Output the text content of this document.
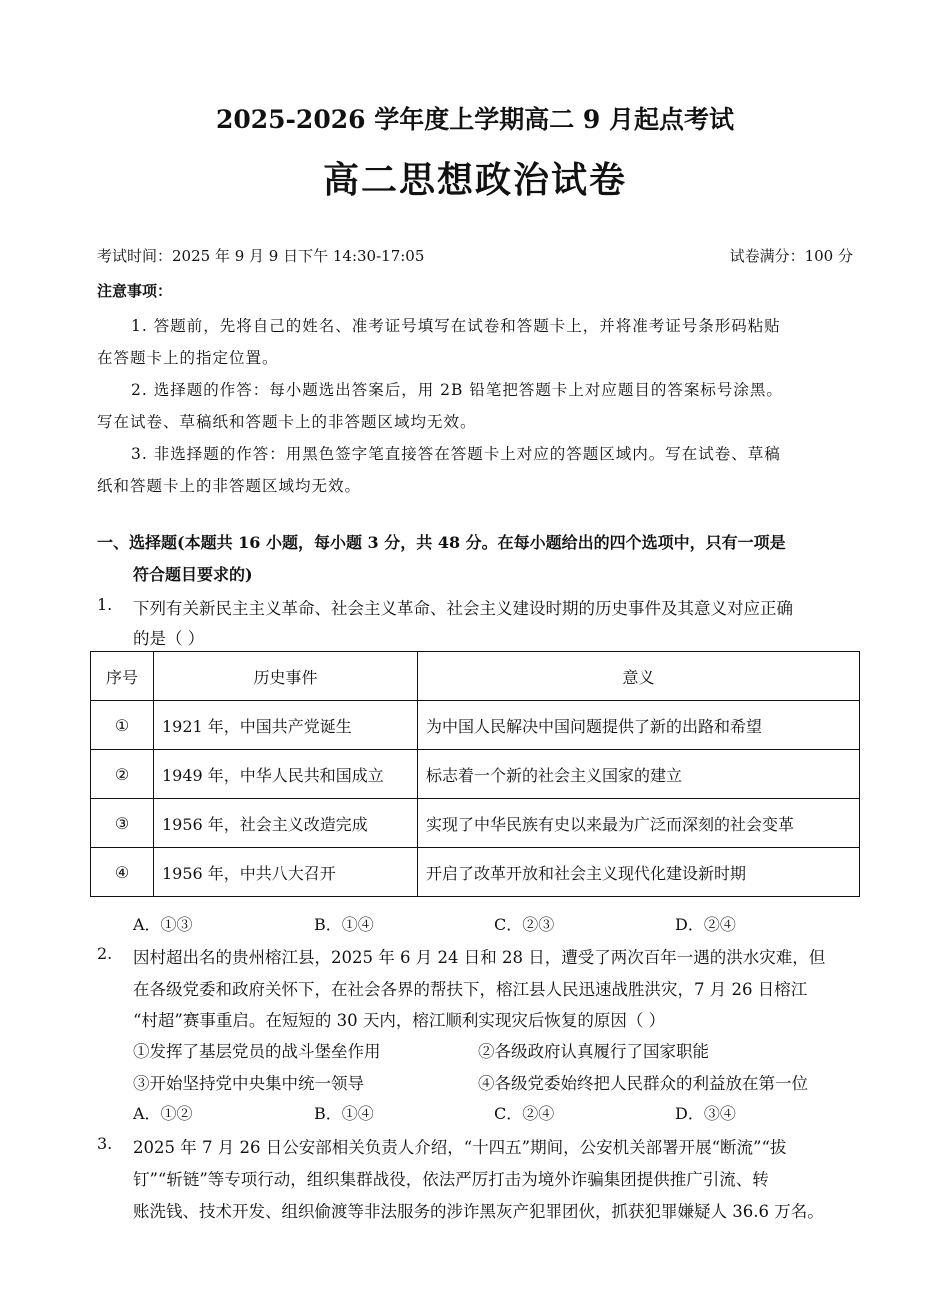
2025-2026 学年度上学期高二 9 月起点考试
高二思想政治试卷
考试时间：2025 年 9 月 9 日下午 14:30-17:05	试卷满分：100 分
注意事项：
1. 答题前，先将自己的姓名、准考证号填写在试卷和答题卡上，并将准考证号条形码粘贴
在答题卡上的指定位置。
2. 选择题的作答：每小题选出答案后，用 2B 铅笔把答题卡上对应题目的答案标号涂黑。
写在试卷、草稿纸和答题卡上的非答题区域均无效。
3. 非选择题的作答：用黑色签字笔直接答在答题卡上对应的答题区域内。写在试卷、草稿
纸和答题卡上的非答题区域均无效。
一、选择题(本题共 16 小题，每小题 3 分，共 48 分。在每小题给出的四个选项中，只有一项是
符合题目要求的)
1. 下列有关新民主主义革命、社会主义革命、社会主义建设时期的历史事件及其意义对应正确
的是（ ）
序号	历史事件	意义
①	1921 年，中国共产党诞生	为中国人民解决中国问题提供了新的出路和希望
②	1949 年，中华人民共和国成立	标志着一个新的社会主义国家的建立
③	1956 年，社会主义改造完成	实现了中华民族有史以来最为广泛而深刻的社会变革
④	1956 年，中共八大召开	开启了改革开放和社会主义现代化建设新时期
A．①③	B．①④	C．②③	D．②④
2. 因村超出名的贵州榕江县，2025 年 6 月 24 日和 28 日，遭受了两次百年一遇的洪水灾难，但
在各级党委和政府关怀下，在社会各界的帮扶下，榕江县人民迅速战胜洪灾，7 月 26 日榕江
“村超”赛事重启。在短短的 30 天内，榕江顺利实现灾后恢复的原因（ ）
①发挥了基层党员的战斗堡垒作用	②各级政府认真履行了国家职能
③开始坚持党中央集中统一领导	④各级党委始终把人民群众的利益放在第一位
A．①②	B．①④	C．②④	D．③④
3. 2025 年 7 月 26 日公安部相关负责人介绍，“十四五”期间，公安机关部署开展“断流”“拔
钉”“斩链”等专项行动，组织集群战役，依法严厉打击为境外诈骗集团提供推广引流、转
账洗钱、技术开发、组织偷渡等非法服务的涉诈黑灰产犯罪团伙，抓获犯罪嫌疑人 36.6 万名。
